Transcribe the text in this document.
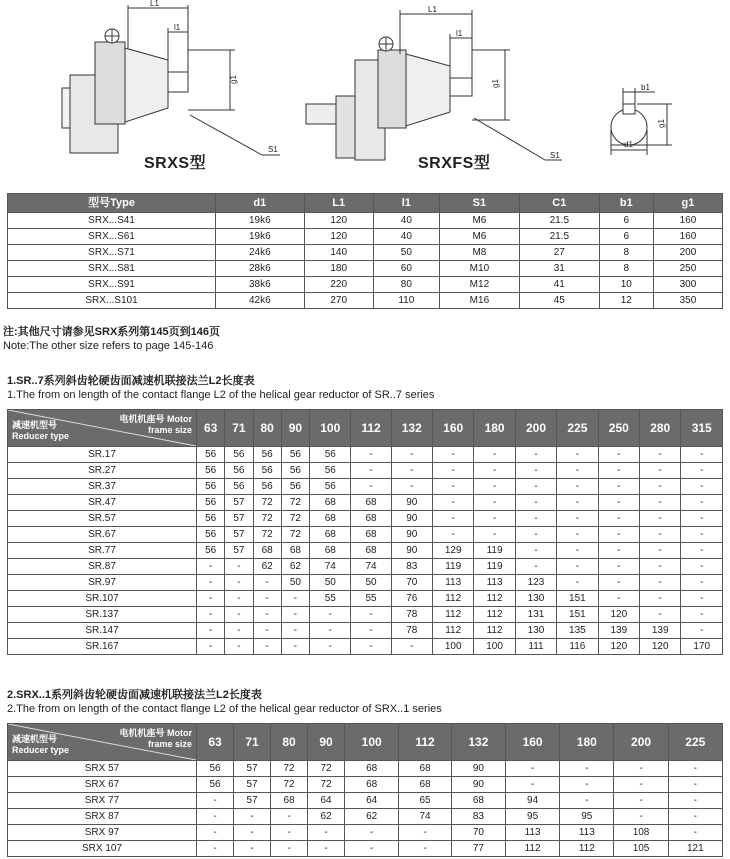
L1
l1
g1
S1
L1
l1
g1
S1
b1
g1
d1
SRXS型	SRXFS型
型号Type	d1	L1	l1	S1	C1	b1	g1
SRX...S41	19k6	120	40	M6	21.5	6	160
SRX...S61	19k6	120	40	M6	21.5	6	160
SRX...S71	24k6	140	50	M8	27	8	200
SRX...S81	28k6	180	60	M10	31	8	250
SRX...S91	38k6	220	80	M12	41	10	300
SRX...S101	42k6	270	110	M16	45	12	350
注:其他尺寸请参见SRX系列第145页到146页
Note:The other size refers to page 145-146
1.SR..7系列斜齿轮硬齿面减速机联接法兰L2长度表
1.The from on length of the contact flange L2 of the helical gear reductor of SR..7 series
电机机座号 Motor
frame size
减速机型号
Reducer type	63	71	80	90	100	112	132	160	180	200	225	250	280	315
SR.17	56	56	56	56	56	-	-	-	-	-	-	-	-	-
SR.27	56	56	56	56	56	-	-	-	-	-	-	-	-	-
SR.37	56	56	56	56	56	-	-	-	-	-	-	-	-	-
SR.47	56	57	72	72	68	68	90	-	-	-	-	-	-	-
SR.57	56	57	72	72	68	68	90	-	-	-	-	-	-	-
SR.67	56	57	72	72	68	68	90	-	-	-	-	-	-	-
SR.77	56	57	68	68	68	68	90	129	119	-	-	-	-	-
SR.87	-	-	62	62	74	74	83	119	119	-	-	-	-	-
SR.97	-	-	-	50	50	50	70	113	113	123	-	-	-	-
SR.107	-	-	-	-	55	55	76	112	112	130	151	-	-	-
SR.137	-	-	-	-	-	-	78	112	112	131	151	120	-	-
SR.147	-	-	-	-	-	-	78	112	112	130	135	139	139	-
SR.167	-	-	-	-	-	-	-	100	100	111	116	120	120	170
2.SRX..1系列斜齿轮硬齿面减速机联接法兰L2长度表
2.The from on length of the contact flange L2 of the helical gear reductor of SRX..1 series
电机机座号 Motor
frame size
减速机型号
Reducer type	63	71	80	90	100	112	132	160	180	200	225
SRX 57	56	57	72	72	68	68	90	-	-	-	-
SRX 67	56	57	72	72	68	68	90	-	-	-	-
SRX 77	-	57	68	64	64	65	68	94	-	-	-
SRX 87	-	-	-	62	62	74	83	95	95	-	-
SRX 97	-	-	-	-	-	-	70	113	113	108	-
SRX 107	-	-	-	-	-	-	77	112	112	105	121
